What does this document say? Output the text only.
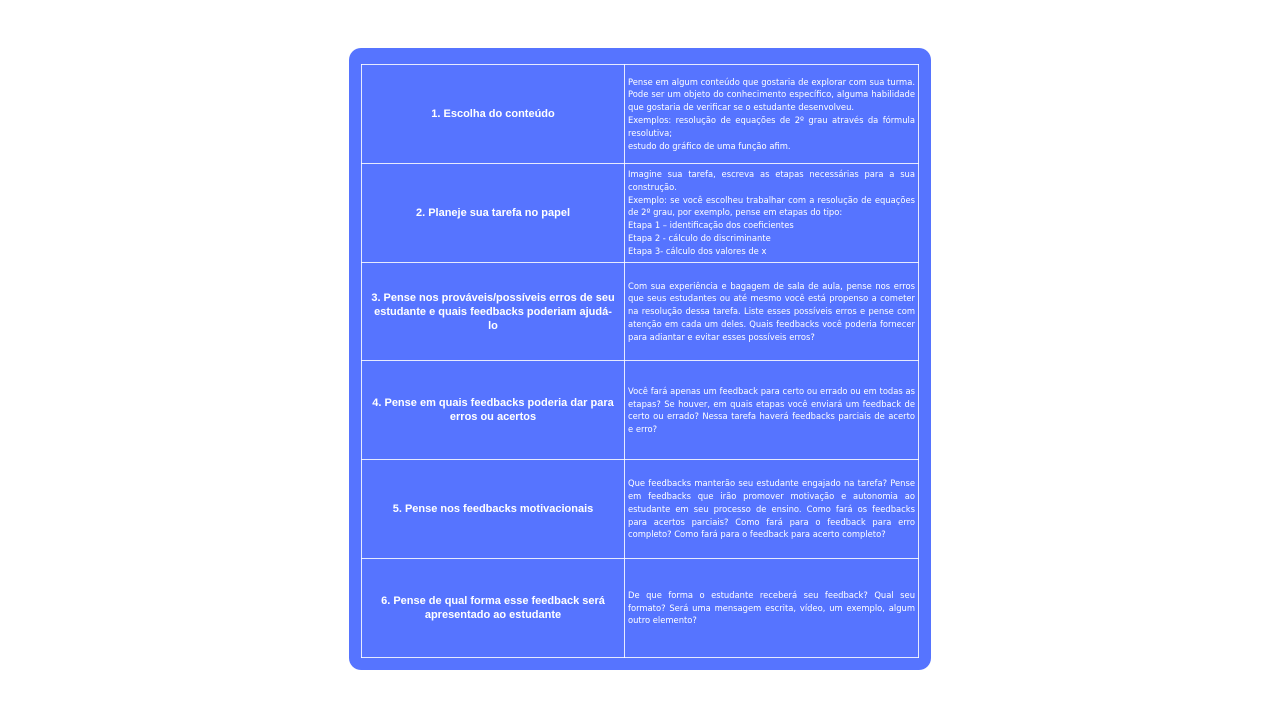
1. Escolha do conteúdo	Pense em algum conteúdo que gostaria de explorar com sua turma. Pode ser um objeto do conhecimento específico, alguma habilidade que gostaria de verificar se o estudante desenvolveu.
Exemplos: resolução de equações de 2º grau através da fórmula resolutiva;
estudo do gráfico de uma função afim.

2. Planeje sua tarefa no papel	Imagine sua tarefa, escreva as etapas necessárias para a sua construção.
Exemplo: se você escolheu trabalhar com a resolução de equações de 2º grau, por exemplo, pense em etapas do tipo:
Etapa 1 – identificação dos coeficientes
Etapa 2 - cálculo do discriminante
Etapa 3- cálculo dos valores de x

3. Pense nos prováveis/possíveis erros de seu estudante e quais feedbacks poderiam ajudá-lo	Com sua experiência e bagagem de sala de aula, pense nos erros que seus estudantes ou até mesmo você está propenso a cometer na resolução dessa tarefa. Liste esses possíveis erros e pense com atenção em cada um deles. Quais feedbacks você poderia fornecer para adiantar e evitar esses possíveis erros?

4. Pense em quais feedbacks poderia dar para erros ou acertos	Você fará apenas um feedback para certo ou errado ou em todas as etapas? Se houver, em quais etapas você enviará um feedback de certo ou errado? Nessa tarefa haverá feedbacks parciais de acerto e erro?

5. Pense nos feedbacks motivacionais	Que feedbacks manterão seu estudante engajado na tarefa? Pense em feedbacks que irão promover motivação e autonomia ao estudante em seu processo de ensino. Como fará os feedbacks para acertos parciais? Como fará para o feedback para erro completo? Como fará para o feedback para acerto completo?

6. Pense de qual forma esse feedback será apresentado ao estudante	De que forma o estudante receberá seu feedback? Qual seu formato? Será uma mensagem escrita, vídeo, um exemplo, algum outro elemento?
